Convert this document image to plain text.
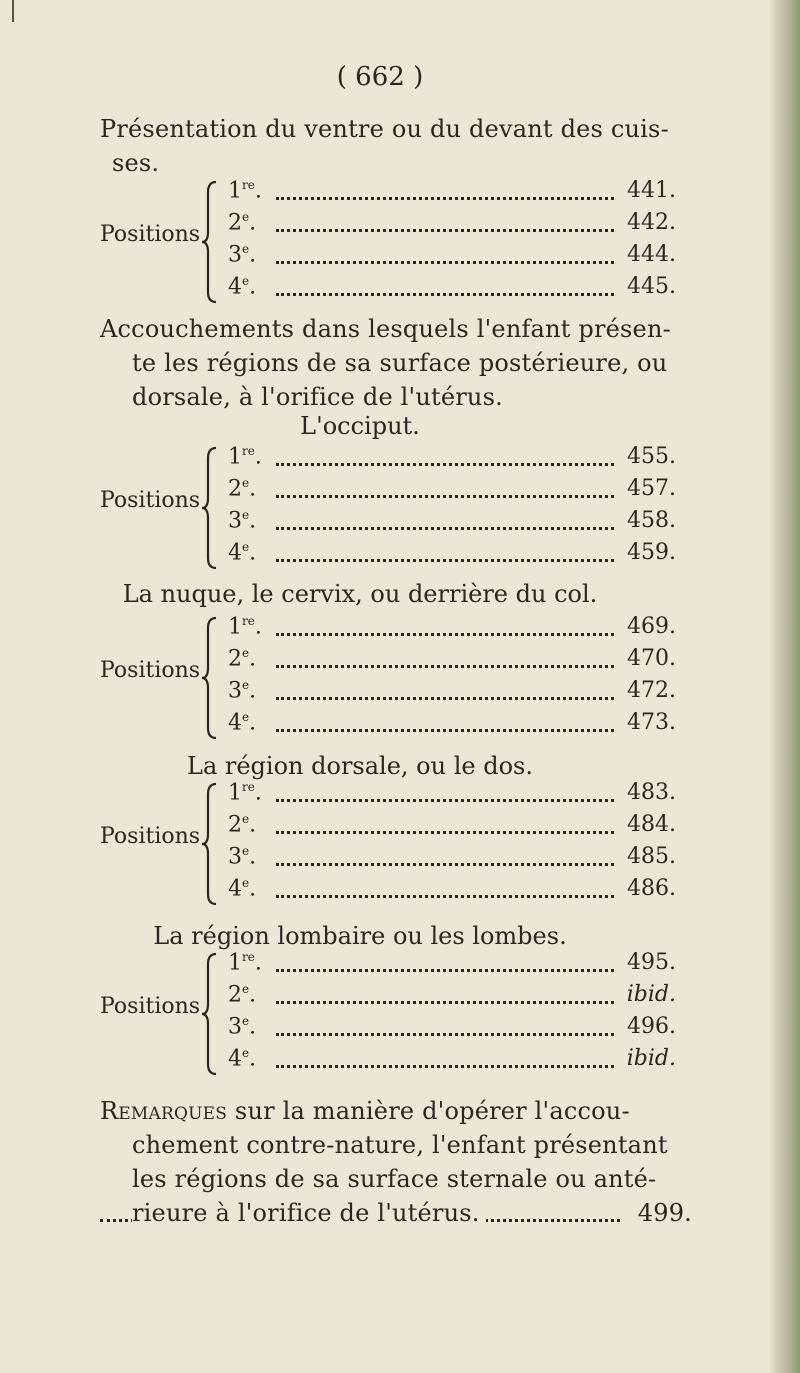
( 662 )
Présentation du ventre ou du devant des cuis-
ses.
Positions
1re.	441.
2e.	442.
3e.	444.
4e.	445.
Accouchements dans lesquels l'enfant présen-
te les régions de sa surface postérieure, ou
dorsale, à l'orifice de l'utérus.
L'occiput.
Positions
1re.	455.
2e.	457.
3e.	458.
4e.	459.
La nuque, le cervix, ou derrière du col.
Positions
1re.	469.
2e.	470.
3e.	472.
4e.	473.
La région dorsale, ou le dos.
Positions
1re.	483.
2e.	484.
3e.	485.
4e.	486.
La région lombaire ou les lombes.
Positions
1re.	495.
2e.	ibid.
3e.	496.
4e.	ibid.
Remarques sur la manière d'opérer l'accou-
chement contre-nature, l'enfant présentant
les régions de sa surface sternale ou anté-
rieure à l'orifice de l'utérus.	499.
